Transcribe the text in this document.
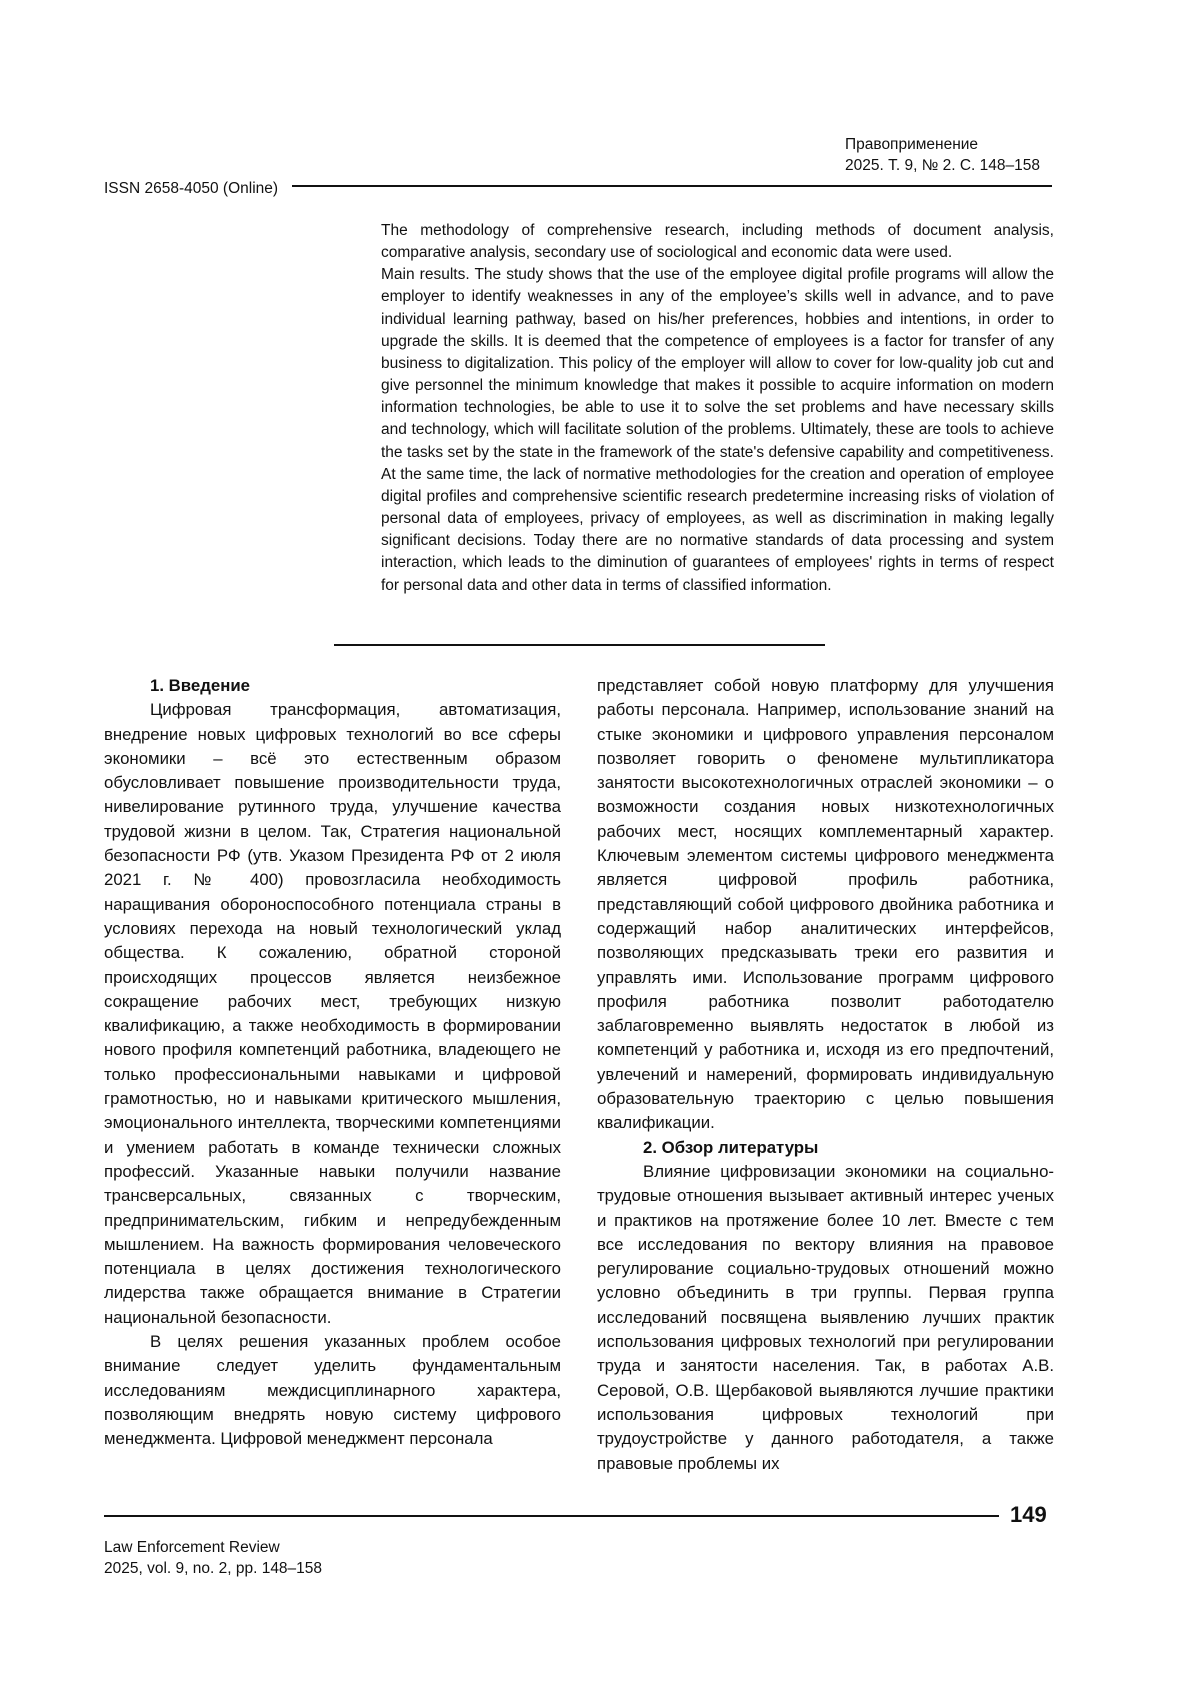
Правоприменение
2025. Т. 9, № 2. С. 148–158
ISSN 2658-4050 (Online)

The methodology of comprehensive research, including methods of document analysis, comparative analysis, secondary use of sociological and economic data were used.

Main results. The study shows that the use of the employee digital profile programs will allow the employer to identify weaknesses in any of the employee’s skills well in advance, and to pave individual learning pathway, based on his/her preferences, hobbies and intentions, in order to upgrade the skills. It is deemed that the competence of employees is a factor for transfer of any business to digitalization. This policy of the employer will allow to cover for low-quality job cut and give personnel the minimum knowledge that makes it possible to acquire information on modern information technologies, be able to use it to solve the set problems and have necessary skills and technology, which will facilitate solution of the problems. Ultimately, these are tools to achieve the tasks set by the state in the framework of the state's defensive capability and competitiveness. At the same time, the lack of normative methodologies for the creation and operation of employee digital profiles and comprehensive scientific research predetermine increasing risks of violation of personal data of employees, privacy of employees, as well as discrimination in making legally significant decisions. Today there are no normative standards of data processing and system interaction, which leads to the diminution of guarantees of employees' rights in terms of respect for personal data and other data in terms of classified information.

1. Введение

Цифровая трансформация, автоматизация, внедрение новых цифровых технологий во все сферы экономики – всё это естественным образом обусловливает повышение производительности труда, нивелирование рутинного труда, улучшение качества трудовой жизни в целом. Так, Стратегия национальной безопасности РФ (утв. Указом Президента РФ от 2 июля 2021 г. № 400) провозгласила необходимость наращивания обороноспособного потенциала страны в условиях перехода на новый технологический уклад общества. К сожалению, обратной стороной происходящих процессов является неизбежное сокращение рабочих мест, требующих низкую квалификацию, а также необходимость в формировании нового профиля компетенций работника, владеющего не только профессиональными навыками и цифровой грамотностью, но и навыками критического мышления, эмоционального интеллекта, творческими компетенциями и умением работать в команде технически сложных профессий. Указанные навыки получили название трансверсальных, связанных с творческим, предпринимательским, гибким и непредубежденным мышлением. На важность формирования человеческого потенциала в целях достижения технологического лидерства также обращается внимание в Стратегии национальной безопасности.

В целях решения указанных проблем особое внимание следует уделить фундаментальным исследованиям междисциплинарного характера, позволяющим внедрять новую систему цифрового менеджмента. Цифровой менеджмент персонала

представляет собой новую платформу для улучшения работы персонала. Например, использование знаний на стыке экономики и цифрового управления персоналом позволяет говорить о феномене мультипликатора занятости высокотехнологичных отраслей экономики – о возможности создания новых низкотехнологичных рабочих мест, носящих комплементарный характер. Ключевым элементом системы цифрового менеджмента является цифровой профиль работника, представляющий собой цифрового двойника работника и содержащий набор аналитических интерфейсов, позволяющих предсказывать треки его развития и управлять ими. Использование программ цифрового профиля работника позволит работодателю заблаговременно выявлять недостаток в любой из компетенций у работника и, исходя из его предпочтений, увлечений и намерений, формировать индивидуальную образовательную траекторию с целью повышения квалификации.

2. Обзор литературы

Влияние цифровизации экономики на социально-трудовые отношения вызывает активный интерес ученых и практиков на протяжение более 10 лет. Вместе с тем все исследования по вектору влияния на правовое регулирование социально-трудовых отношений можно условно объединить в три группы. Первая группа исследований посвящена выявлению лучших практик использования цифровых технологий при регулировании труда и занятости населения. Так, в работах А.В. Серовой, О.В. Щербаковой выявляются лучшие практики использования цифровых технологий при трудоустройстве у данного работодателя, а также правовые проблемы их

149
Law Enforcement Review
2025, vol. 9, no. 2, pp. 148–158
